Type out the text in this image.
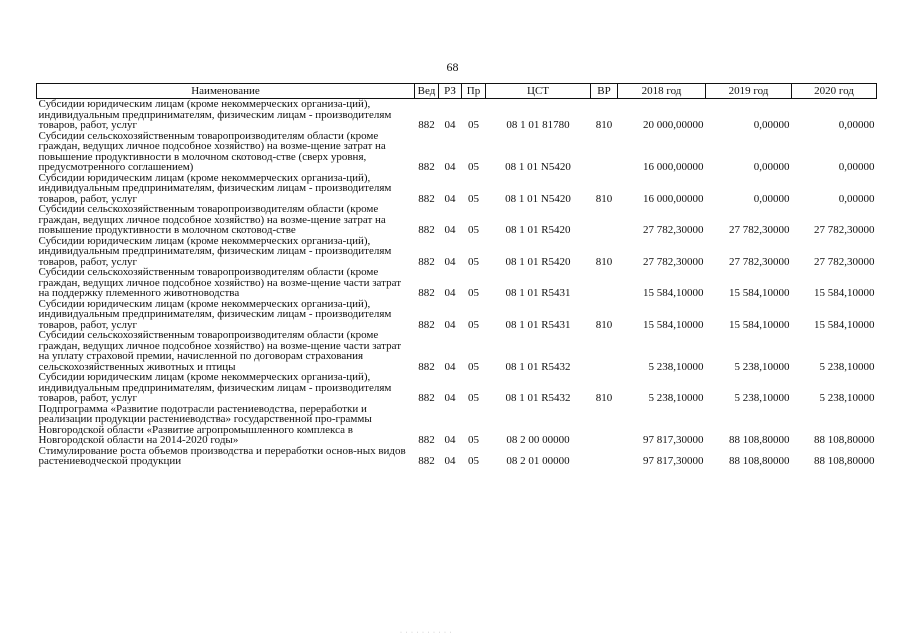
68
Наименование	Вед	РЗ	Пр	ЦСТ	ВР	2018 год	2019 год	2020 год
Субсидии юридическим лицам (кроме некоммерческих организа-ций), индивидуальным предпринимателям, физическим лицам - производителям товаров, работ, услуг	882	04	05	08 1 01 81780	810	20 000,00000	0,00000	0,00000
Субсидии сельскохозяйственным товаропроизводителям области (кроме граждан, ведущих личное подсобное хозяйство) на возме-щение затрат на повышение продуктивности в молочном скотовод-стве (сверх уровня, предусмотренного соглашением)	882	04	05	08 1 01 N5420		16 000,00000	0,00000	0,00000
Субсидии юридическим лицам (кроме некоммерческих организа-ций), индивидуальным предпринимателям, физическим лицам - производителям товаров, работ, услуг	882	04	05	08 1 01 N5420	810	16 000,00000	0,00000	0,00000
Субсидии сельскохозяйственным товаропроизводителям области (кроме граждан, ведущих личное подсобное хозяйство) на возме-щение затрат на повышение продуктивности в молочном скотовод-стве	882	04	05	08 1 01 R5420		27 782,30000	27 782,30000	27 782,30000
Субсидии юридическим лицам (кроме некоммерческих организа-ций), индивидуальным предпринимателям, физическим лицам - производителям товаров, работ, услуг	882	04	05	08 1 01 R5420	810	27 782,30000	27 782,30000	27 782,30000
Субсидии сельскохозяйственным товаропроизводителям области (кроме граждан, ведущих личное подсобное хозяйство) на возме-щение части затрат на поддержку племенного животноводства	882	04	05	08 1 01 R5431		15 584,10000	15 584,10000	15 584,10000
Субсидии юридическим лицам (кроме некоммерческих организа-ций), индивидуальным предпринимателям, физическим лицам - производителям товаров, работ, услуг	882	04	05	08 1 01 R5431	810	15 584,10000	15 584,10000	15 584,10000
Субсидии сельскохозяйственным товаропроизводителям области (кроме граждан, ведущих личное подсобное хозяйство) на возме-щение части затрат на уплату страховой премии, начисленной по договорам страхования сельскохозяйственных животных и птицы	882	04	05	08 1 01 R5432		5 238,10000	5 238,10000	5 238,10000
Субсидии юридическим лицам (кроме некоммерческих организа-ций), индивидуальным предпринимателям, физическим лицам - производителям товаров, работ, услуг	882	04	05	08 1 01 R5432	810	5 238,10000	5 238,10000	5 238,10000
Подпрограмма «Развитие подотрасли растениеводства, переработки и реализации продукции растениеводства» государственной про-граммы Новгородской области «Развитие агропромышленного комплекса в Новгородской области на 2014-2020 годы»	882	04	05	08 2 00 00000		97 817,30000	88 108,80000	88 108,80000
Стимулирование роста объемов производства и переработки основ-ных видов растениеводческой продукции	882	04	05	08 2 01 00000		97 817,30000	88 108,80000	88 108,80000
· · · · · · · · · ·
